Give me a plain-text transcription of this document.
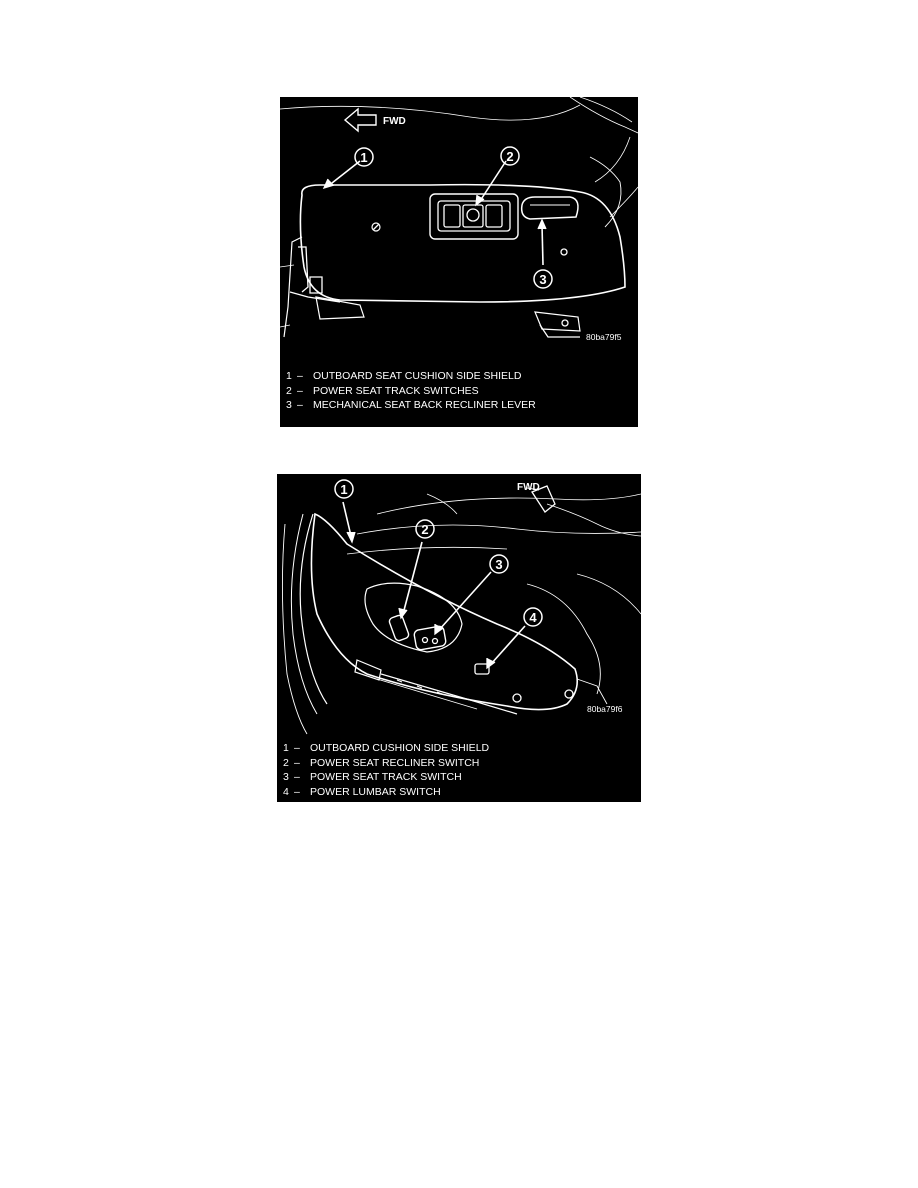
FWD
1	2
3
80ba79f5
1 – OUTBOARD SEAT CUSHION SIDE SHIELD
2 – POWER SEAT TRACK SWITCHES
3 – MECHANICAL SEAT BACK RECLINER LEVER
FWD
1
2
3
4
80ba79f6
1 – OUTBOARD CUSHION SIDE SHIELD
2 – POWER SEAT RECLINER SWITCH
3 – POWER SEAT TRACK SWITCH
4 – POWER LUMBAR SWITCH
